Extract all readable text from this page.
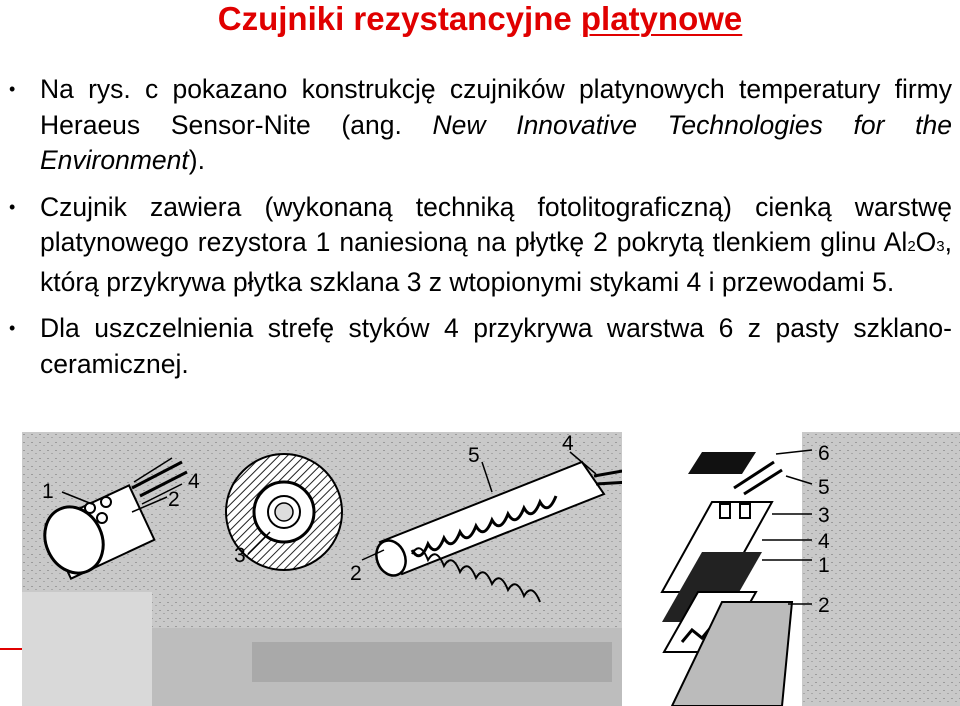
Czujniki rezystancyjne platynowe
• Na rys. c pokazano konstrukcję czujników platynowych temperatury firmy Heraeus Sensor-Nite (ang. New Innovative Technologies for the Environment).
• Czujnik zawiera (wykonaną techniką fotolitograficzną) cienką warstwę platynowego rezystora 1 naniesioną na płytkę 2 pokrytą tlenkiem glinu Al2O3, którą przykrywa płytka szklana 3 z wtopionymi stykami 4 i przewodami 5.
• Dla uszczelnienia strefę styków 4 przykrywa warstwa 6 z pasty szklano-ceramicznej.
1	4
2
3
5
4
2
6
5
3
4
1
2
